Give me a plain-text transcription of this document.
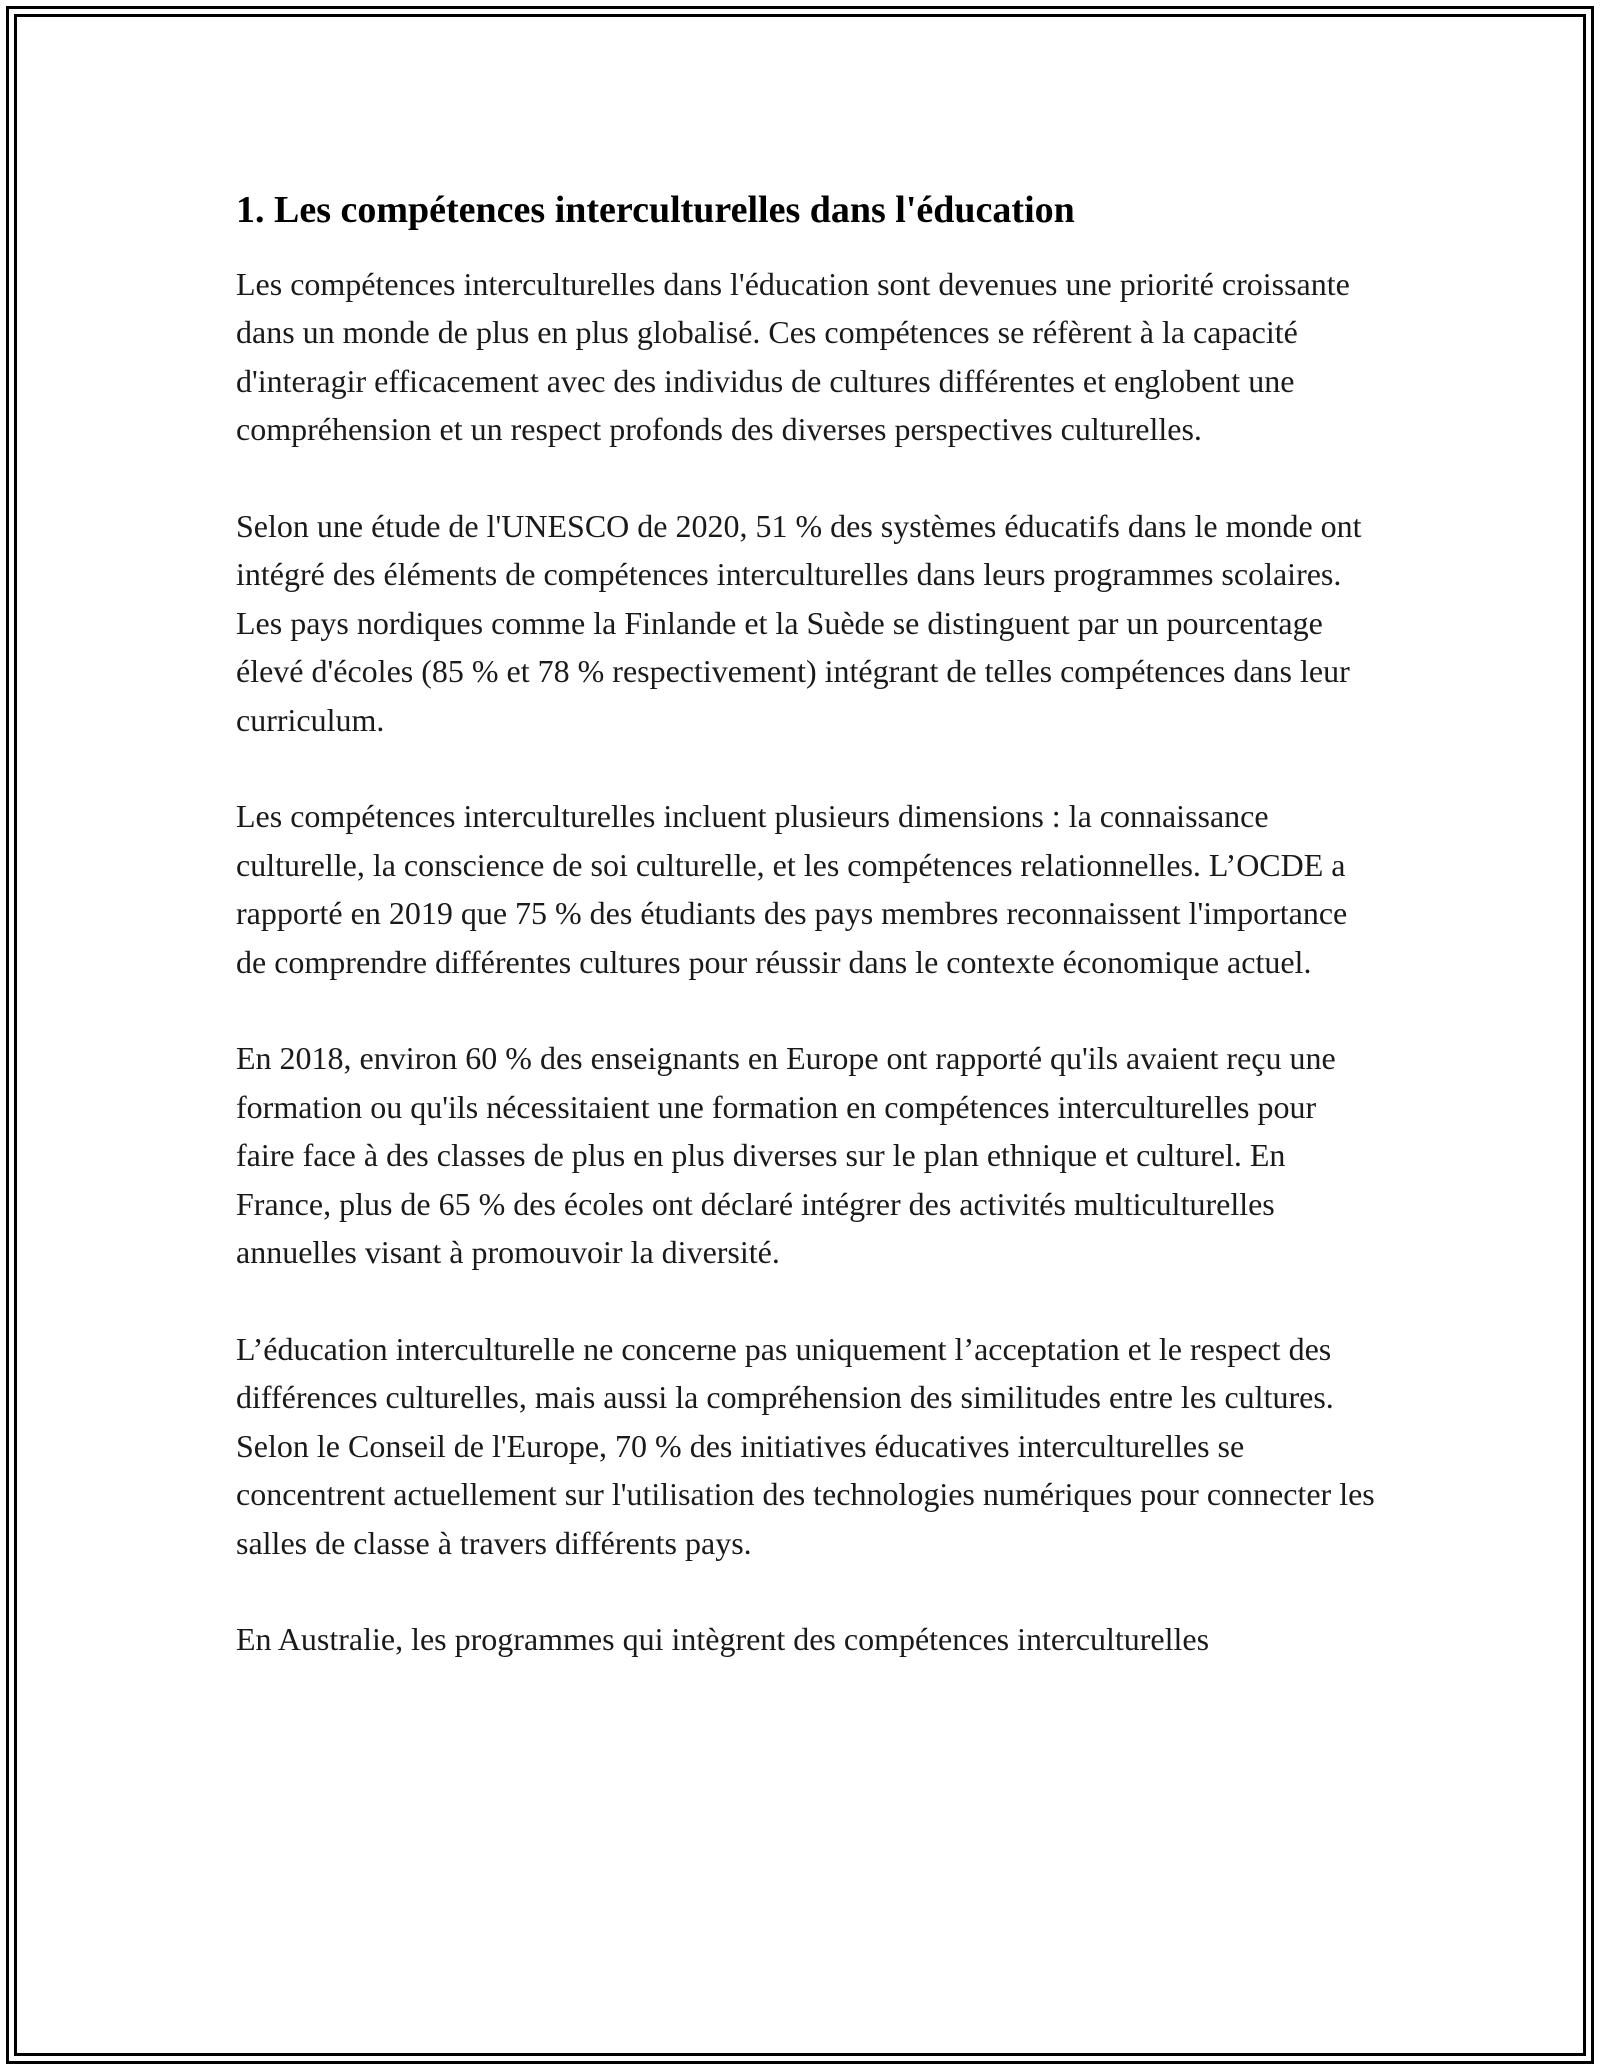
1. Les compétences interculturelles dans l'éducation

Les compétences interculturelles dans l'éducation sont devenues une priorité croissante dans un monde de plus en plus globalisé. Ces compétences se réfèrent à la capacité d'interagir efficacement avec des individus de cultures différentes et englobent une compréhension et un respect profonds des diverses perspectives culturelles.

Selon une étude de l'UNESCO de 2020, 51 % des systèmes éducatifs dans le monde ont intégré des éléments de compétences interculturelles dans leurs programmes scolaires. Les pays nordiques comme la Finlande et la Suède se distinguent par un pourcentage élevé d'écoles (85 % et 78 % respectivement) intégrant de telles compétences dans leur curriculum.

Les compétences interculturelles incluent plusieurs dimensions : la connaissance culturelle, la conscience de soi culturelle, et les compétences relationnelles. L’OCDE a rapporté en 2019 que 75 % des étudiants des pays membres reconnaissent l'importance de comprendre différentes cultures pour réussir dans le contexte économique actuel.

En 2018, environ 60 % des enseignants en Europe ont rapporté qu'ils avaient reçu une formation ou qu'ils nécessitaient une formation en compétences interculturelles pour faire face à des classes de plus en plus diverses sur le plan ethnique et culturel. En France, plus de 65 % des écoles ont déclaré intégrer des activités multiculturelles annuelles visant à promouvoir la diversité.

L’éducation interculturelle ne concerne pas uniquement l’acceptation et le respect des différences culturelles, mais aussi la compréhension des similitudes entre les cultures. Selon le Conseil de l'Europe, 70 % des initiatives éducatives interculturelles se concentrent actuellement sur l'utilisation des technologies numériques pour connecter les salles de classe à travers différents pays.

En Australie, les programmes qui intègrent des compétences interculturelles
